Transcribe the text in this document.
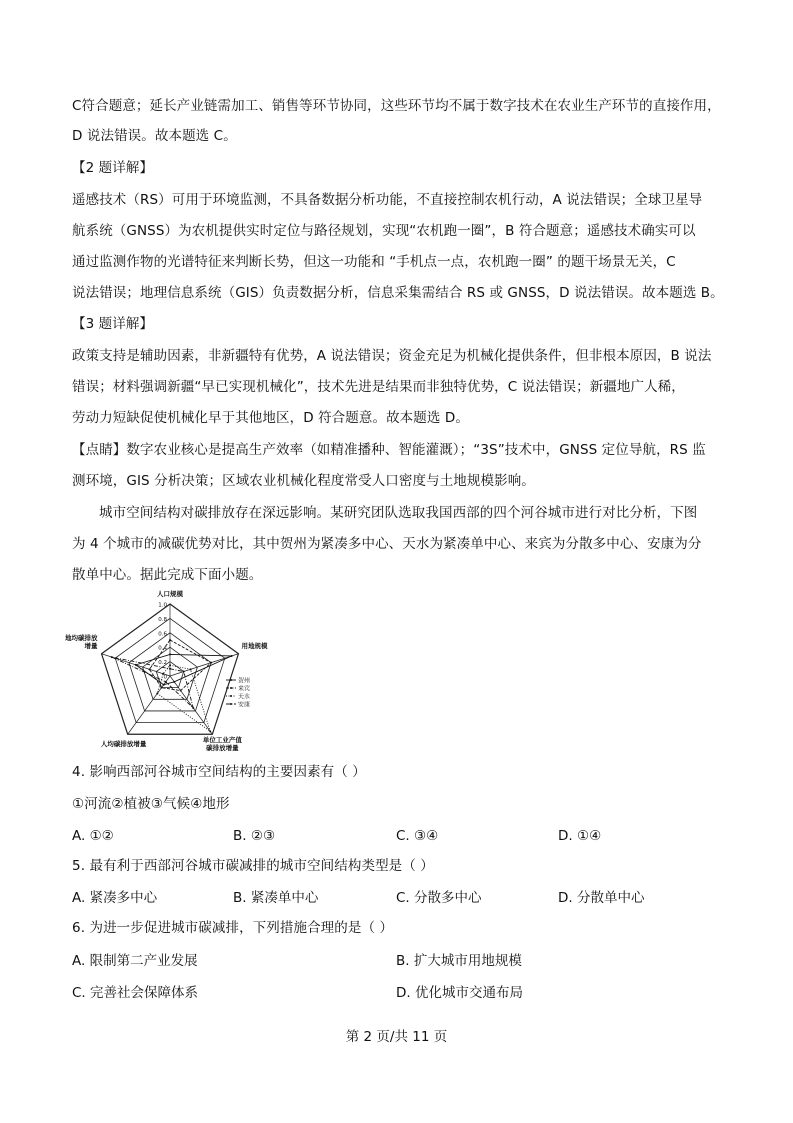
C符合题意；延长产业链需加工、销售等环节协同，这些环节均不属于数字技术在农业生产环节的直接作用，
D 说法错误。故本题选 C。
【2 题详解】
遥感技术（RS）可用于环境监测，不具备数据分析功能，不直接控制农机行动，A 说法错误；全球卫星导
航系统（GNSS）为农机提供实时定位与路径规划，实现“农机跑一圈”，B 符合题意；遥感技术确实可以
通过监测作物的光谱特征来判断长势，但这一功能和 “手机点一点，农机跑一圈” 的题干场景无关，C
说法错误；地理信息系统（GIS）负责数据分析，信息采集需结合 RS 或 GNSS，D 说法错误。故本题选 B。
【3 题详解】
政策支持是辅助因素，非新疆特有优势，A 说法错误；资金充足为机械化提供条件，但非根本原因，B 说法
错误；材料强调新疆“早已实现机械化”，技术先进是结果而非独特优势，C 说法错误；新疆地广人稀，
劳动力短缺促使机械化早于其他地区，D 符合题意。故本题选 D。
【点睛】数字农业核心是提高生产效率（如精准播种、智能灌溉）；“3S”技术中，GNSS 定位导航，RS 监
测环境，GIS 分析决策；区域农业机械化程度常受人口密度与土地规模影响。
城市空间结构对碳排放存在深远影响。某研究团队选取我国西部的四个河谷城市进行对比分析，下图
为 4 个城市的减碳优势对比，其中贺州为紧凑多中心、天水为紧凑单中心、来宾为分散多中心、安康为分
散单中心。据此完成下面小题。
1.0
0.8
0.6
0.4
0.2
0
人口规模
用地规模
单位工业产值
碳排放增量
人均碳排放增量
地均碳排放
增量
贺州
来宾
天水
安康
4. 影响西部河谷城市空间结构的主要因素有（ ）
①河流②植被③气候④地形
A. ①②	B. ②③	C. ③④	D. ①④
5. 最有利于西部河谷城市碳减排的城市空间结构类型是（ ）
A. 紧凑多中心	B. 紧凑单中心	C. 分散多中心	D. 分散单中心
6. 为进一步促进城市碳减排，下列措施合理的是（ ）
A. 限制第二产业发展	B. 扩大城市用地规模
C. 完善社会保障体系	D. 优化城市交通布局
第 2 页/共 11 页
